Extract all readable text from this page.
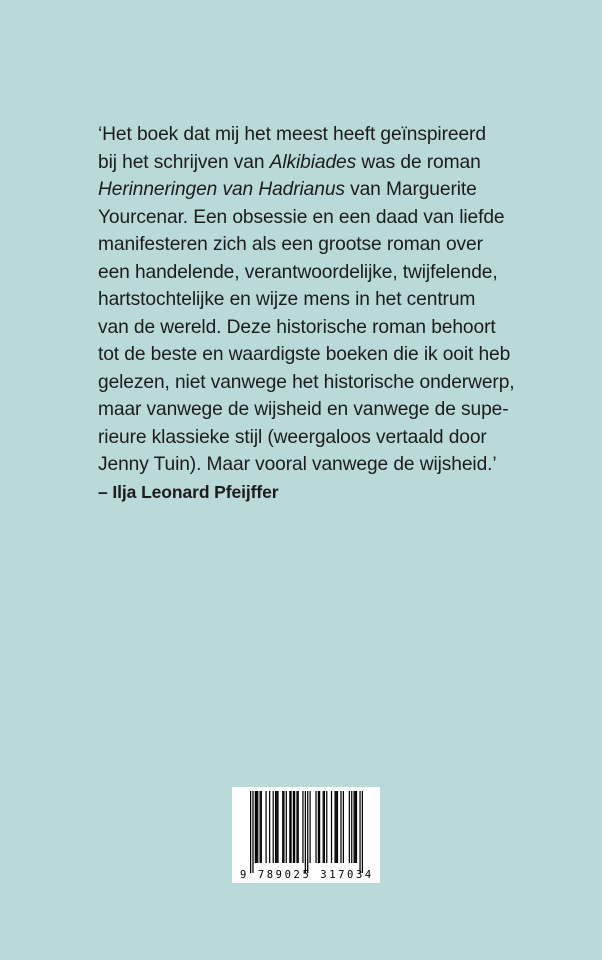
‘Het boek dat mij het meest heeft geïnspireerd
bij het schrijven van Alkibiades was de roman
Herinneringen van Hadrianus van Marguerite
Yourcenar. Een obsessie en een daad van liefde
manifesteren zich als een grootse roman over
een handelende, verantwoordelijke, twijfelende,
hartstochtelijke en wijze mens in het centrum
van de wereld. Deze historische roman behoort
tot de beste en waardigste boeken die ik ooit heb
gelezen, niet vanwege het historische onderwerp,
maar vanwege de wijsheid en vanwege de supe-
rieure klassieke stijl (weergaloos vertaald door
Jenny Tuin). Maar vooral vanwege de wijsheid.’
– Ilja Leonard Pfeijffer
9 789025 317034
